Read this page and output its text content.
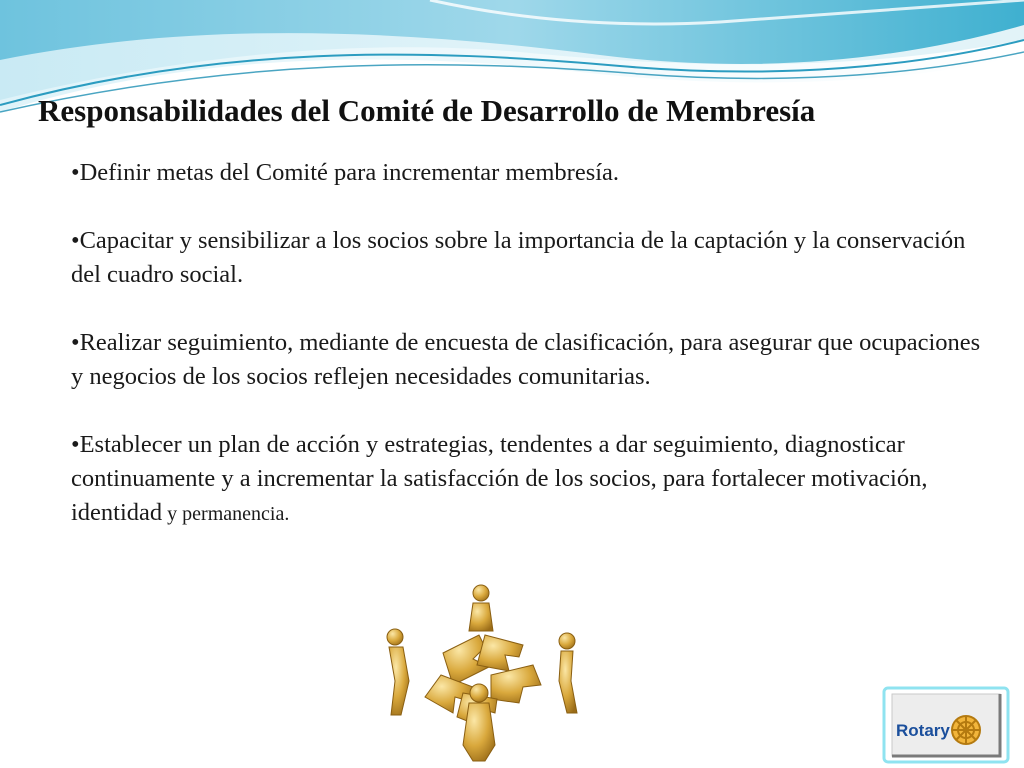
Responsabilidades del Comité de Desarrollo de Membresía

•Definir metas del Comité para incrementar membresía.

•Capacitar y sensibilizar a los socios sobre la importancia de la captación y la conservación del cuadro social.

•Realizar seguimiento, mediante de encuesta de clasificación, para asegurar que ocupaciones y negocios de los socios reflejen necesidades comunitarias.

•Establecer un plan de acción y estrategias, tendentes a dar seguimiento, diagnosticar continuamente y a incrementar la satisfacción de los socios, para fortalecer motivación, identidad y permanencia.

Rotary
